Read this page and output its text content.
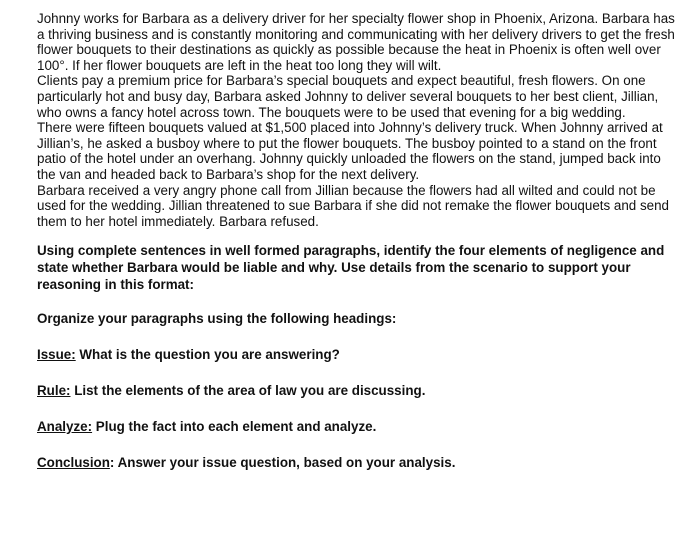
Johnny works for Barbara as a delivery driver for her specialty flower shop in Phoenix, Arizona. Barbara has a thriving business and is constantly monitoring and communicating with her delivery drivers to get the fresh flower bouquets to their destinations as quickly as possible because the heat in Phoenix is often well over 100°. If her flower bouquets are left in the heat too long they will wilt.

Clients pay a premium price for Barbara’s special bouquets and expect beautiful, fresh flowers. On one particularly hot and busy day, Barbara asked Johnny to deliver several bouquets to her best client, Jillian, who owns a fancy hotel across town. The bouquets were to be used that evening for a big wedding.

There were fifteen bouquets valued at $1,500 placed into Johnny’s delivery truck. When Johnny arrived at Jillian’s, he asked a busboy where to put the flower bouquets. The busboy pointed to a stand on the front patio of the hotel under an overhang. Johnny quickly unloaded the flowers on the stand, jumped back into the van and headed back to Barbara’s shop for the next delivery.

Barbara received a very angry phone call from Jillian because the flowers had all wilted and could not be used for the wedding. Jillian threatened to sue Barbara if she did not remake the flower bouquets and send them to her hotel immediately. Barbara refused.

Using complete sentences in well formed paragraphs, identify the four elements of negligence and state whether Barbara would be liable and why. Use details from the scenario to support your reasoning in this format:

Organize your paragraphs using the following headings:

Issue: What is the question you are answering?

Rule: List the elements of the area of law you are discussing.

Analyze: Plug the fact into each element and analyze.

Conclusion: Answer your issue question, based on your analysis.
